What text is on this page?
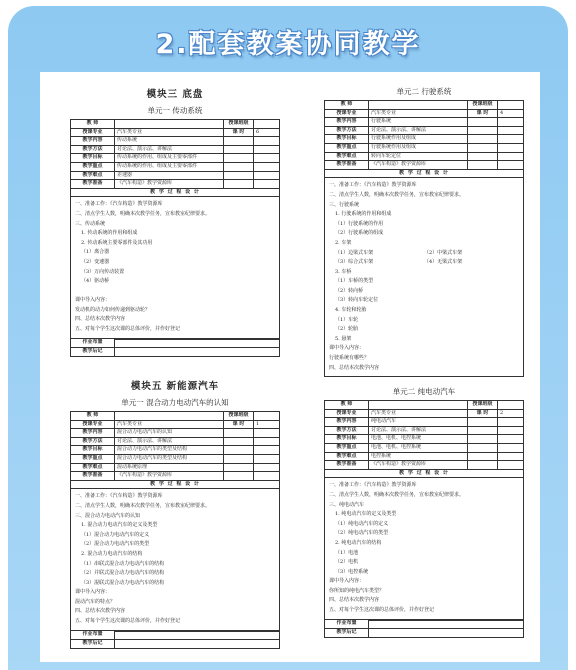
2.配套教案协同教学
模块三 底盘
单元一 传动系统
教 师		授课班级	
授课专业	汽车类专业	课 时	6
教学内容	传动系统		
教学方法	讨论法、演示法、讲解法		
教学目标	传动系统的作用、组成及主要零部件		
教学重点	传动系统的作用、组成及主要零部件		
教学难点	差速器		
教学准备	《汽车构造》教学资源库		
教 学 过 程 设 计			
一、准备工作：《汽车构造》教学资源库
二、清点学生人数，明确本次教学任务，宣布教室纪律要求。
三、传动系统
1. 传动系统的作用和组成
2. 传动系统主要零部件及其功用
（1）离合器
（2）变速器
（3）万向传动装置
（4）驱动桥
课中导入内容：
发动机的动力如何传递到驱动轮？
四、总结本次教学内容
五、对每个学生这次课的总体评价，并作好登记
作业布置	
教学后记	
单元二 行驶系统
教 师		授课班级	
授课专业	汽车类专业	课 时	4
教学内容	行驶系统		
教学方法	讨论法、演示法、讲解法		
教学目标	行驶系统作用及组成		
教学重点	行驶系统作用及组成		
教学难点	转向车轮定位		
教学准备	《汽车构造》教学资源库		
教 学 过 程 设 计			
一、准备工作：《汽车构造》教学资源库
二、清点学生人数，明确本次教学任务，宣布教室纪律要求。
三、行驶系统
1. 行驶系统的作用和组成
（1）行驶系统的作用
（2）行驶系统的组成
2. 车架
（1）边梁式车架	（2）中梁式车架
（3）综合式车架	（4）无梁式车架
3. 车桥
（1）车桥的类型
（2）转向桥
（3）转向车轮定位
4. 车轮和轮胎
（1）车轮
（2）轮胎
5. 悬架
课中导入内容：
行驶系统有哪些？
四、总结本次教学内容
模块五 新能源汽车
单元一 混合动力电动汽车的认知
教 师		授课班级	
授课专业	汽车类专业	课 时	1
教学内容	混合动力电动汽车的认知		
教学方法	讨论法、演示法、讲解法		
教学目标	混合动力电动汽车的类型及结构		
教学重点	混合动力电动汽车的类型及结构		
教学难点	混动系统原理		
教学准备	《汽车构造》教学资源库		
教 学 过 程 设 计			
一、准备工作：《汽车构造》教学资源库
二、清点学生人数，明确本次教学任务，宣布教室纪律要求。
三、混合动力电动汽车的认知
1. 混合动力电动汽车的定义及类型
（1）混合动力电动汽车的定义
（2）混合动力电动汽车的类型
2. 混合动力电动汽车的结构
（1）串联式混合动力电动汽车的结构
（2）并联式混合动力电动汽车的结构
（3）混联式混合动力电动汽车的结构
课中导入内容：
混动汽车的特点？
四、总结本次教学内容
五、对每个学生这次课的总体评价，并作好登记
作业布置	
教学后记	
单元二 纯电动汽车
教 师		授课班级	
授课专业	汽车类专业	课 时	2
教学内容	纯电动汽车		
教学方法	讨论法、演示法、讲解法		
教学目标	电池、电机、电控系统		
教学重点	电池、电机、电控系统		
教学难点	电控系统		
教学准备	《汽车构造》教学资源库		
教 学 过 程 设 计			
一、准备工作：《汽车构造》教学资源库
二、清点学生人数，明确本次教学任务，宣布教室纪律要求。
三、纯电动汽车
1. 纯电动汽车的定义及类型
（1）纯电动汽车的定义
（2）纯电动汽车的类型
2. 纯电动汽车的结构
（1）电池
（2）电机
（3）电控系统
课中导入内容：
你所知的纯电汽车类型？
四、总结本次教学内容
五、对每个学生这次课的总体评价，并作好登记
作业布置	
教学后记	
